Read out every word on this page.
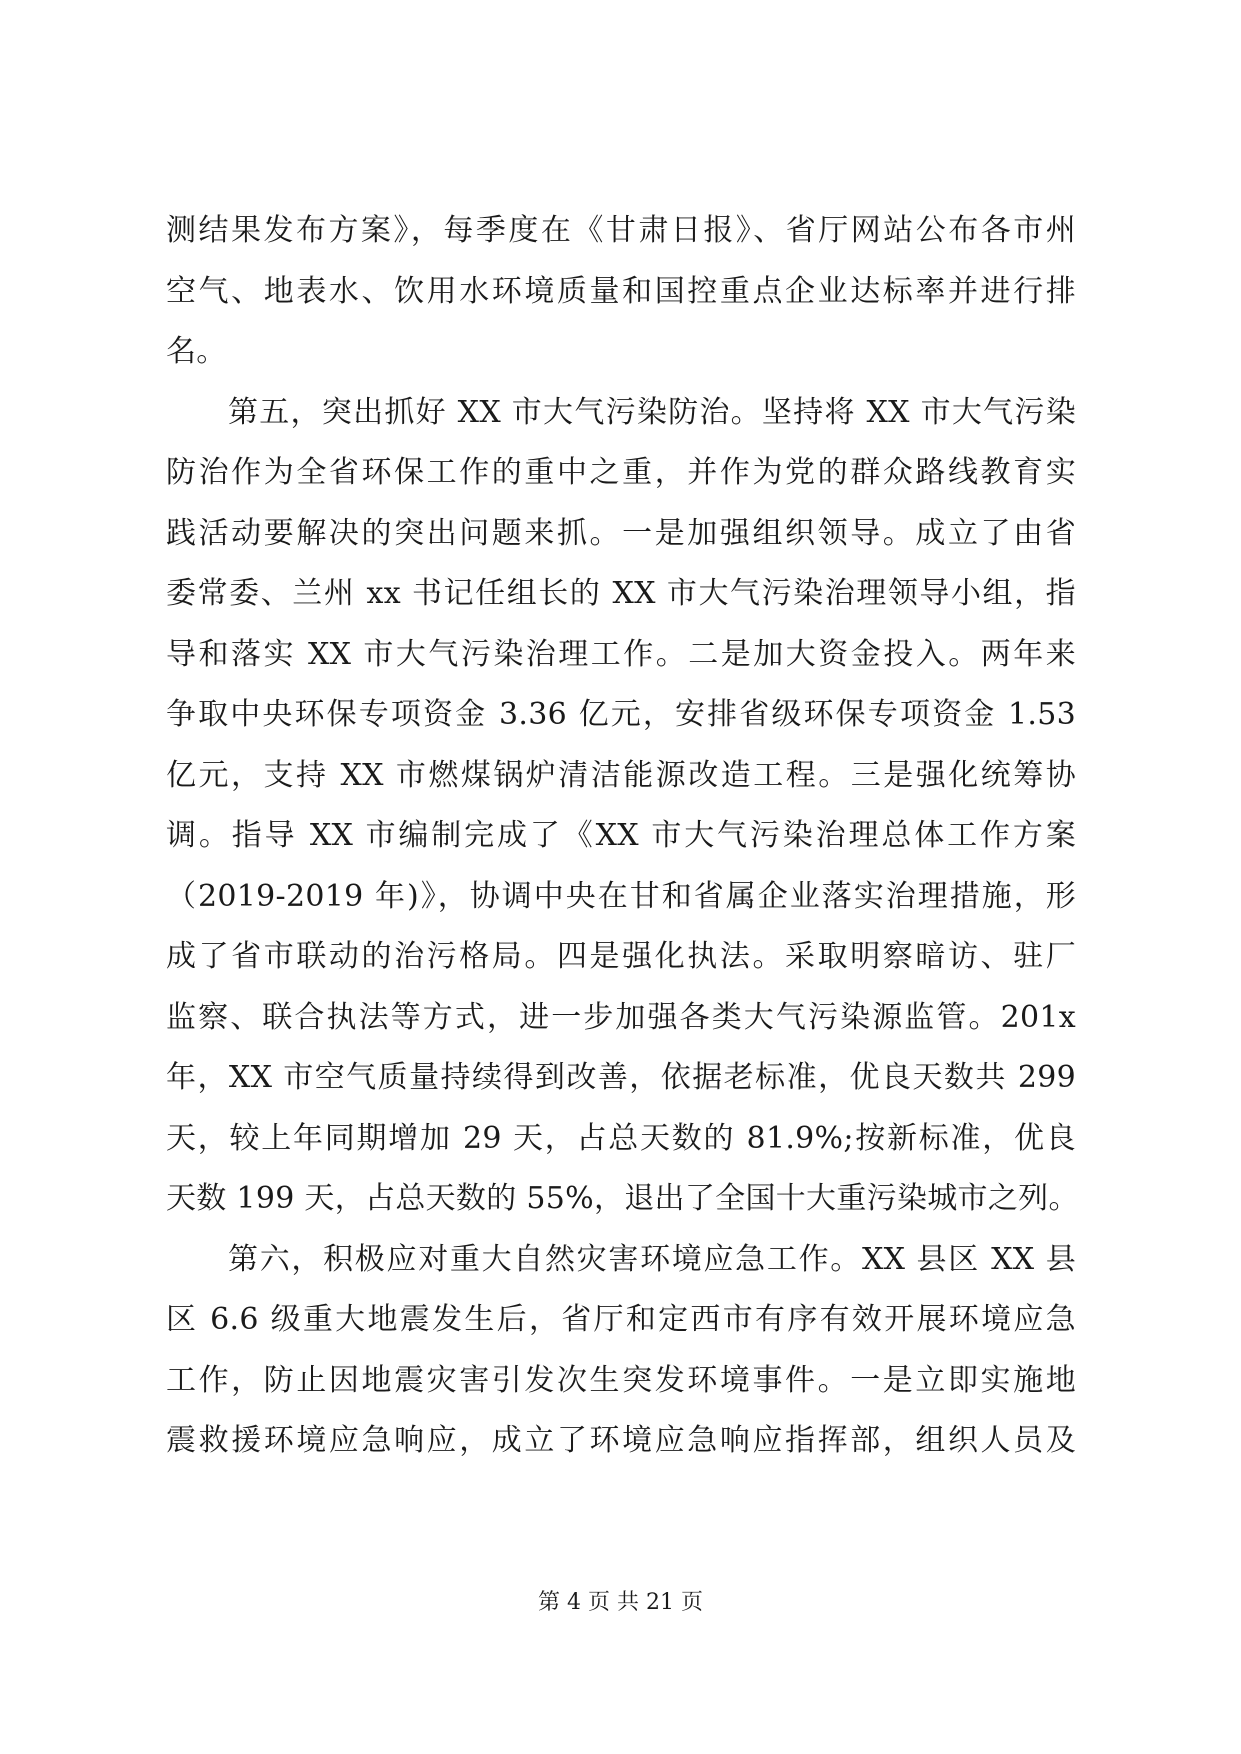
测结果发布方案》，每季度在《甘肃日报》、省厅网站公布各市州
空气、地表水、饮用水环境质量和国控重点企业达标率并进行排
名。
第五，突出抓好 XX 市大气污染防治。坚持将 XX 市大气污染
防治作为全省环保工作的重中之重，并作为党的群众路线教育实
践活动要解决的突出问题来抓。一是加强组织领导。成立了由省
委常委、兰州 xx 书记任组长的 XX 市大气污染治理领导小组，指
导和落实 XX 市大气污染治理工作。二是加大资金投入。两年来
争取中央环保专项资金 3.36 亿元，安排省级环保专项资金 1.53
亿元，支持 XX 市燃煤锅炉清洁能源改造工程。三是强化统筹协
调。指导 XX 市编制完成了《XX 市大气污染治理总体工作方案
（2019-2019 年)》，协调中央在甘和省属企业落实治理措施，形
成了省市联动的治污格局。四是强化执法。采取明察暗访、驻厂
监察、联合执法等方式，进一步加强各类大气污染源监管。201x
年，XX 市空气质量持续得到改善，依据老标准，优良天数共 299
天，较上年同期增加 29 天，占总天数的 81.9%;按新标准，优良
天数 199 天，占总天数的 55%，退出了全国十大重污染城市之列。
第六，积极应对重大自然灾害环境应急工作。XX 县区 XX 县
区 6.6 级重大地震发生后，省厅和定西市有序有效开展环境应急
工作，防止因地震灾害引发次生突发环境事件。一是立即实施地
震救援环境应急响应，成立了环境应急响应指挥部，组织人员及
第 4 页 共 21 页
